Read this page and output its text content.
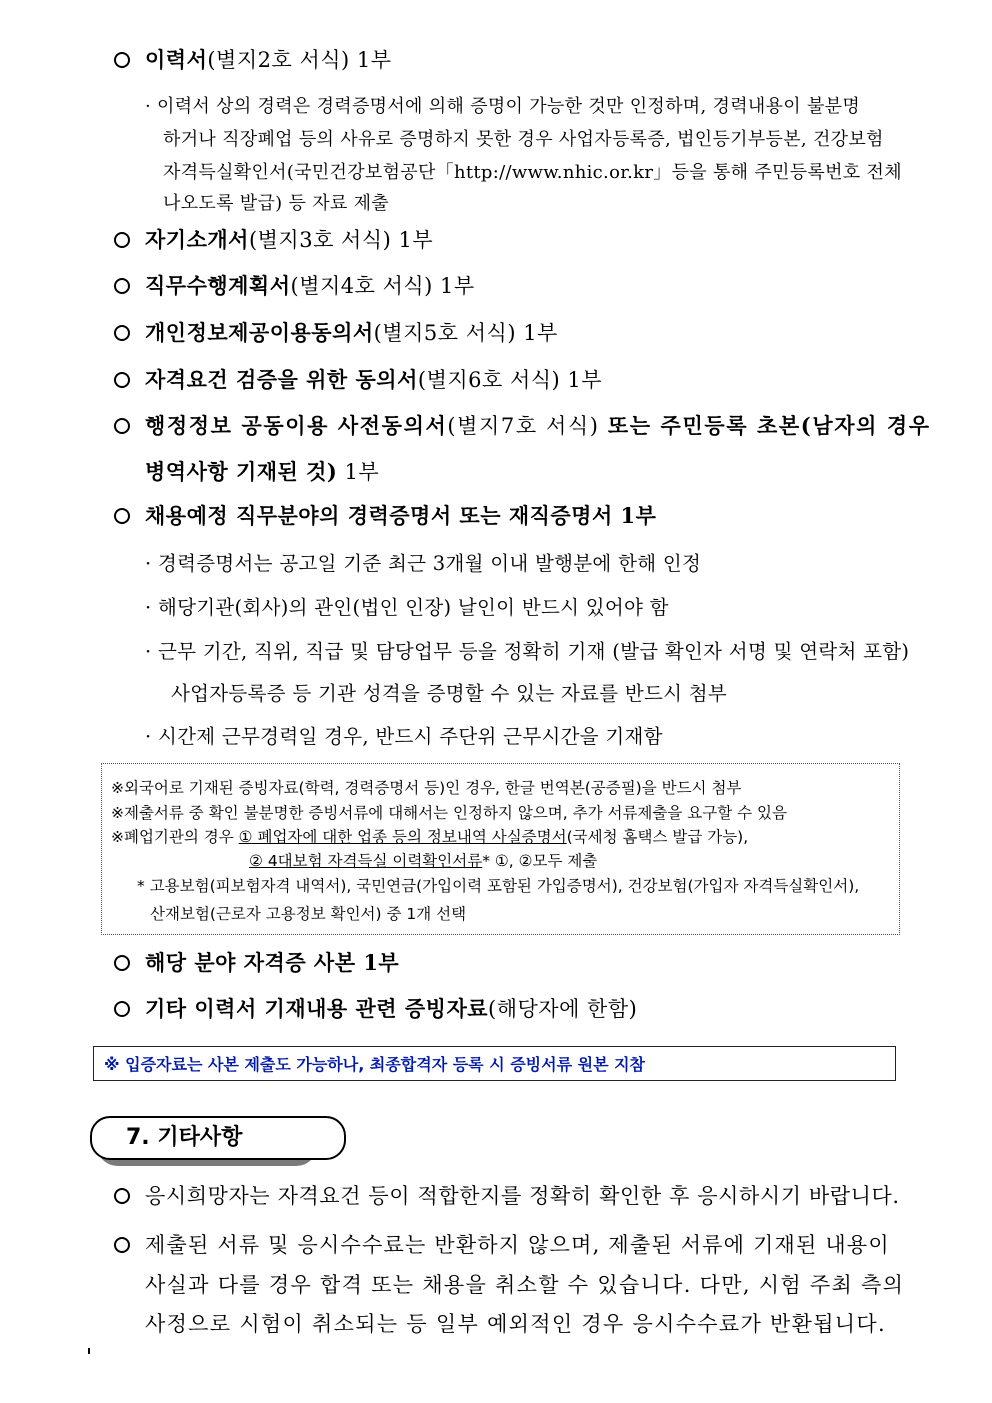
이력서(별지2호 서식) 1부
· 이력서 상의 경력은 경력증명서에 의해 증명이 가능한 것만 인정하며, 경력내용이 불분명
하거나 직장폐업 등의 사유로 증명하지 못한 경우 사업자등록증, 법인등기부등본, 건강보험
자격득실확인서(국민건강보험공단「http://www.nhic.or.kr」등을 통해 주민등록번호 전체
나오도록 발급) 등 자료 제출
자기소개서(별지3호 서식) 1부
직무수행계획서(별지4호 서식) 1부
개인정보제공이용동의서(별지5호 서식) 1부
자격요건 검증을 위한 동의서(별지6호 서식) 1부
행정정보 공동이용 사전동의서(별지7호 서식) 또는 주민등록 초본(남자의 경우
병역사항 기재된 것) 1부
채용예정 직무분야의 경력증명서 또는 재직증명서 1부
· 경력증명서는 공고일 기준 최근 3개월 이내 발행분에 한해 인정
· 해당기관(회사)의 관인(법인 인장) 날인이 반드시 있어야 함
· 근무 기간, 직위, 직급 및 담당업무 등을 정확히 기재 (발급 확인자 서명 및 연락처 포함)
사업자등록증 등 기관 성격을 증명할 수 있는 자료를 반드시 첨부
· 시간제 근무경력일 경우, 반드시 주단위 근무시간을 기재함
※외국어로 기재된 증빙자료(학력, 경력증명서 등)인 경우, 한글 번역본(공증필)을 반드시 첨부
※제출서류 중 확인 불분명한 증빙서류에 대해서는 인정하지 않으며, 추가 서류제출을 요구할 수 있음
※폐업기관의 경우 ① 폐업자에 대한 업종 등의 정보내역 사실증명서(국세청 홈택스 발급 가능),
② 4대보험 자격득실 이력확인서류* ①, ②모두 제출
* 고용보험(피보험자격 내역서), 국민연금(가입이력 포함된 가입증명서), 건강보험(가입자 자격득실확인서),
산재보험(근로자 고용정보 확인서) 중 1개 선택
해당 분야 자격증 사본 1부
기타 이력서 기재내용 관련 증빙자료(해당자에 한함)
※ 입증자료는 사본 제출도 가능하나, 최종합격자 등록 시 증빙서류 원본 지참
7. 기타사항
응시희망자는 자격요건 등이 적합한지를 정확히 확인한 후 응시하시기 바랍니다.
제출된 서류 및 응시수수료는 반환하지 않으며, 제출된 서류에 기재된 내용이
사실과 다를 경우 합격 또는 채용을 취소할 수 있습니다. 다만, 시험 주최 측의
사정으로 시험이 취소되는 등 일부 예외적인 경우 응시수수료가 반환됩니다.
